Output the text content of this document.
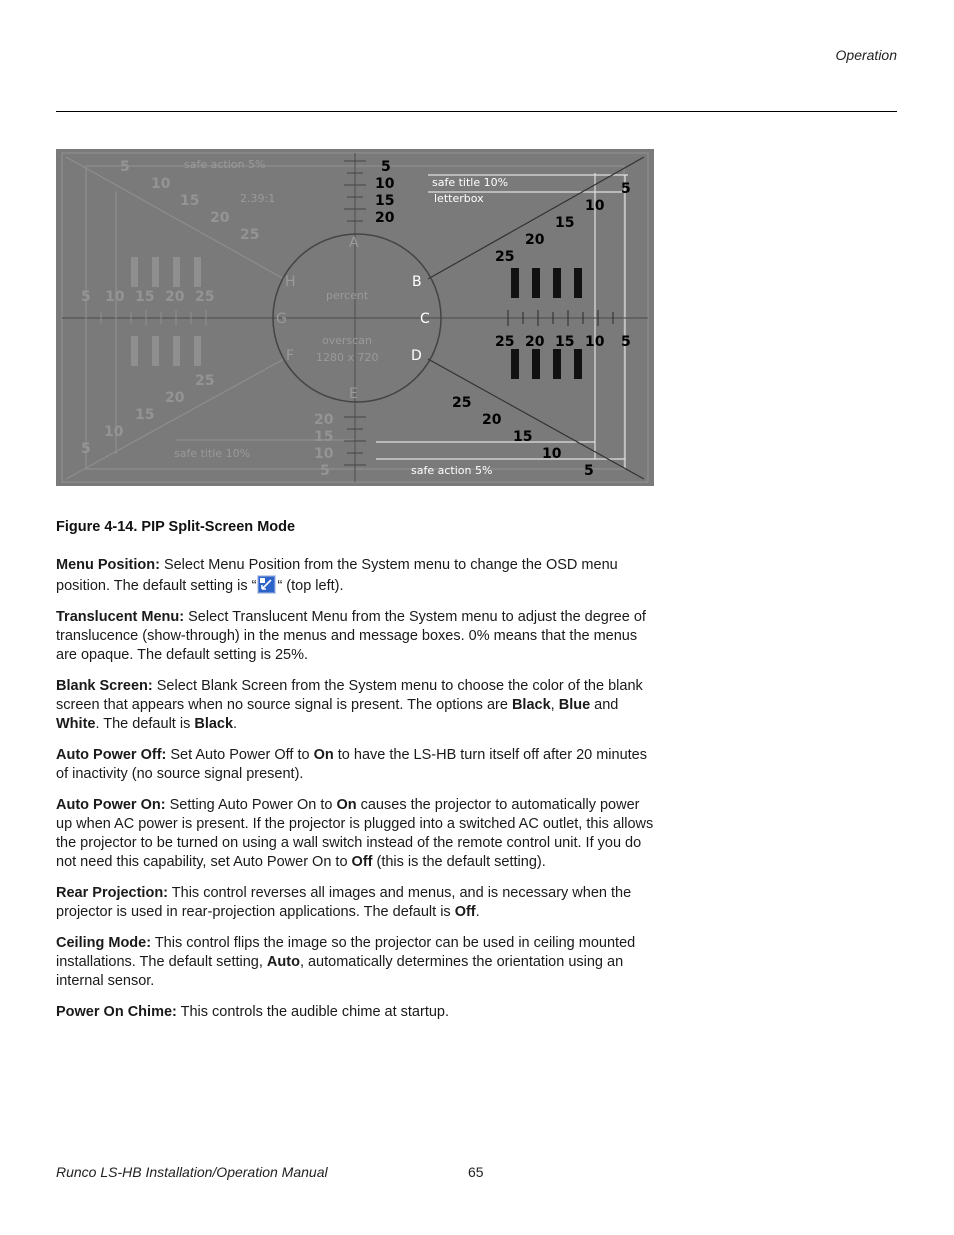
Operation
safe action 5%
safe title 10%
letterbox
2.39:1
percent
overscan
1280 x 720
A
B
C
D
E
F
G
H
safe title 10%
safe action 5%
5 10 15 20 25
25 20 15 10 5
5
10
15
20
20
15
10
5
5
10
15
20
25
25
20
15
10
5
5
10
15
20
25
25
20
15
10
5
Figure 4-14. PIP Split-Screen Mode

Menu Position: Select Menu Position from the System menu to change the OSD menu position. The default setting is “ “ (top left).

Translucent Menu: Select Translucent Menu from the System menu to adjust the degree of translucence (show-through) in the menus and message boxes. 0% means that the menus are opaque. The default setting is 25%.

Blank Screen: Select Blank Screen from the System menu to choose the color of the blank screen that appears when no source signal is present. The options are Black, Blue and White. The default is Black.

Auto Power Off: Set Auto Power Off to On to have the LS-HB turn itself off after 20 minutes of inactivity (no source signal present).

Auto Power On: Setting Auto Power On to On causes the projector to automatically power up when AC power is present. If the projector is plugged into a switched AC outlet, this allows the projector to be turned on using a wall switch instead of the remote control unit. If you do not need this capability, set Auto Power On to Off (this is the default setting).

Rear Projection: This control reverses all images and menus, and is necessary when the projector is used in rear-projection applications. The default is Off.

Ceiling Mode: This control flips the image so the projector can be used in ceiling mounted installations. The default setting, Auto, automatically determines the orientation using an internal sensor.

Power On Chime: This controls the audible chime at startup.

Runco LS-HB Installation/Operation Manual	65
